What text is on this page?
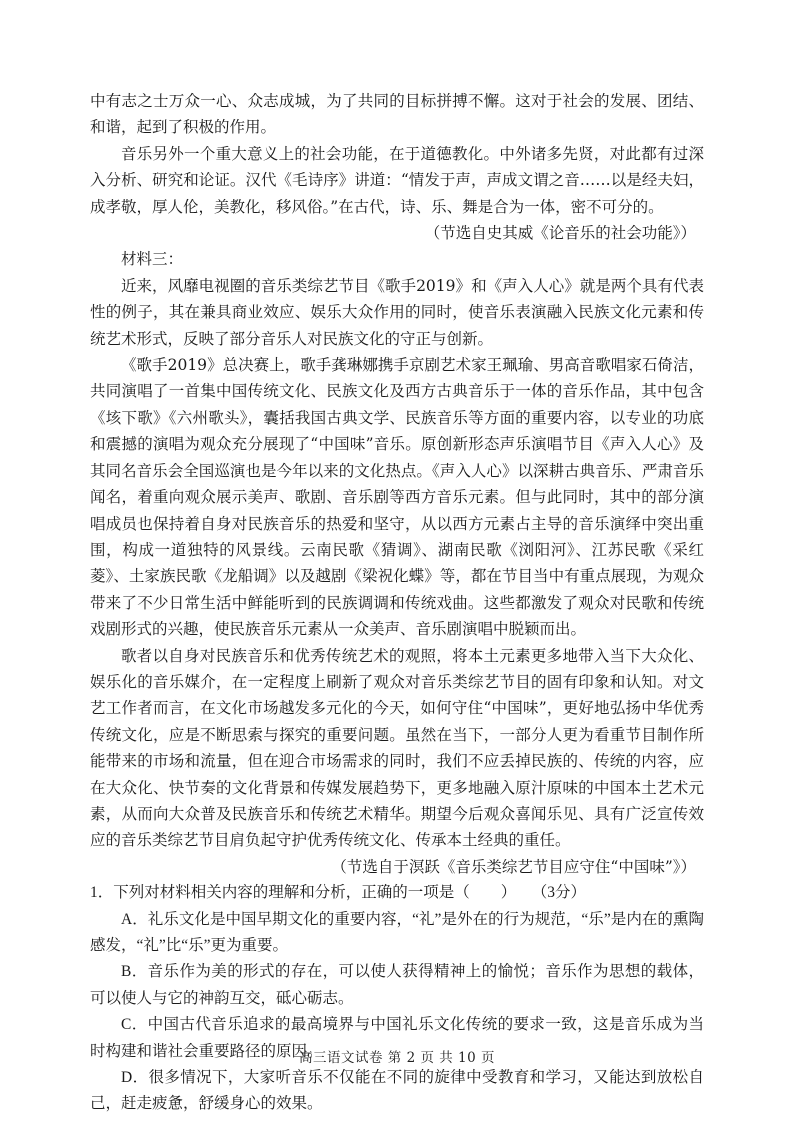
中有志之士万众一心、众志成城，为了共同的目标拼搏不懈。这对于社会的发展、团结、和谐，起到了积极的作用。

音乐另外一个重大意义上的社会功能，在于道德教化。中外诸多先贤，对此都有过深入分析、研究和论证。汉代《毛诗序》讲道：“情发于声，声成文谓之音……以是经夫妇，成孝敬，厚人伦，美教化，移风俗。”在古代，诗、乐、舞是合为一体，密不可分的。

（节选自史其威《论音乐的社会功能》）

材料三：

近来，风靡电视圈的音乐类综艺节目《歌手2019》和《声入人心》就是两个具有代表性的例子，其在兼具商业效应、娱乐大众作用的同时，使音乐表演融入民族文化元素和传统艺术形式，反映了部分音乐人对民族文化的守正与创新。

《歌手2019》总决赛上，歌手龚琳娜携手京剧艺术家王珮瑜、男高音歌唱家石倚洁，共同演唱了一首集中国传统文化、民族文化及西方古典音乐于一体的音乐作品，其中包含《垓下歌》《六州歌头》，囊括我国古典文学、民族音乐等方面的重要内容，以专业的功底和震撼的演唱为观众充分展现了“中国味”音乐。原创新形态声乐演唱节目《声入人心》及其同名音乐会全国巡演也是今年以来的文化热点。《声入人心》以深耕古典音乐、严肃音乐闻名，着重向观众展示美声、歌剧、音乐剧等西方音乐元素。但与此同时，其中的部分演唱成员也保持着自身对民族音乐的热爱和坚守，从以西方元素占主导的音乐演绎中突出重围，构成一道独特的风景线。云南民歌《猜调》、湖南民歌《浏阳河》、江苏民歌《采红菱》、土家族民歌《龙船调》以及越剧《梁祝化蝶》等，都在节目当中有重点展现，为观众带来了不少日常生活中鲜能听到的民族调调和传统戏曲。这些都激发了观众对民歌和传统戏剧形式的兴趣，使民族音乐元素从一众美声、音乐剧演唱中脱颖而出。

歌者以自身对民族音乐和优秀传统艺术的观照，将本土元素更多地带入当下大众化、娱乐化的音乐媒介，在一定程度上刷新了观众对音乐类综艺节目的固有印象和认知。对文艺工作者而言，在文化市场越发多元化的今天，如何守住“中国味”，更好地弘扬中华优秀传统文化，应是不断思索与探究的重要问题。虽然在当下，一部分人更为看重节目制作所能带来的市场和流量，但在迎合市场需求的同时，我们不应丢掉民族的、传统的内容，应在大众化、快节奏的文化背景和传媒发展趋势下，更多地融入原汁原味的中国本土艺术元素，从而向大众普及民族音乐和传统艺术精华。期望今后观众喜闻乐见、具有广泛宣传效应的音乐类综艺节目肩负起守护优秀传统文化、传承本土经典的重任。

（节选自于溟跃《音乐类综艺节目应守住“中国味”》）

1．下列对材料相关内容的理解和分析，正确的一项是（　　）　　（3分）

A．礼乐文化是中国早期文化的重要内容，“礼”是外在的行为规范，“乐”是内在的熏陶感发，“礼”比“乐”更为重要。

B．音乐作为美的形式的存在，可以使人获得精神上的愉悦；音乐作为思想的载体，可以使人与它的神韵互交，砥心砺志。

C．中国古代音乐追求的最高境界与中国礼乐文化传统的要求一致，这是音乐成为当时构建和谐社会重要路径的原因。

D．很多情况下，大家听音乐不仅能在不同的旋律中受教育和学习，又能达到放松自己，赶走疲惫，舒缓身心的效果。

高三语文试卷 第 2 页 共 10 页
